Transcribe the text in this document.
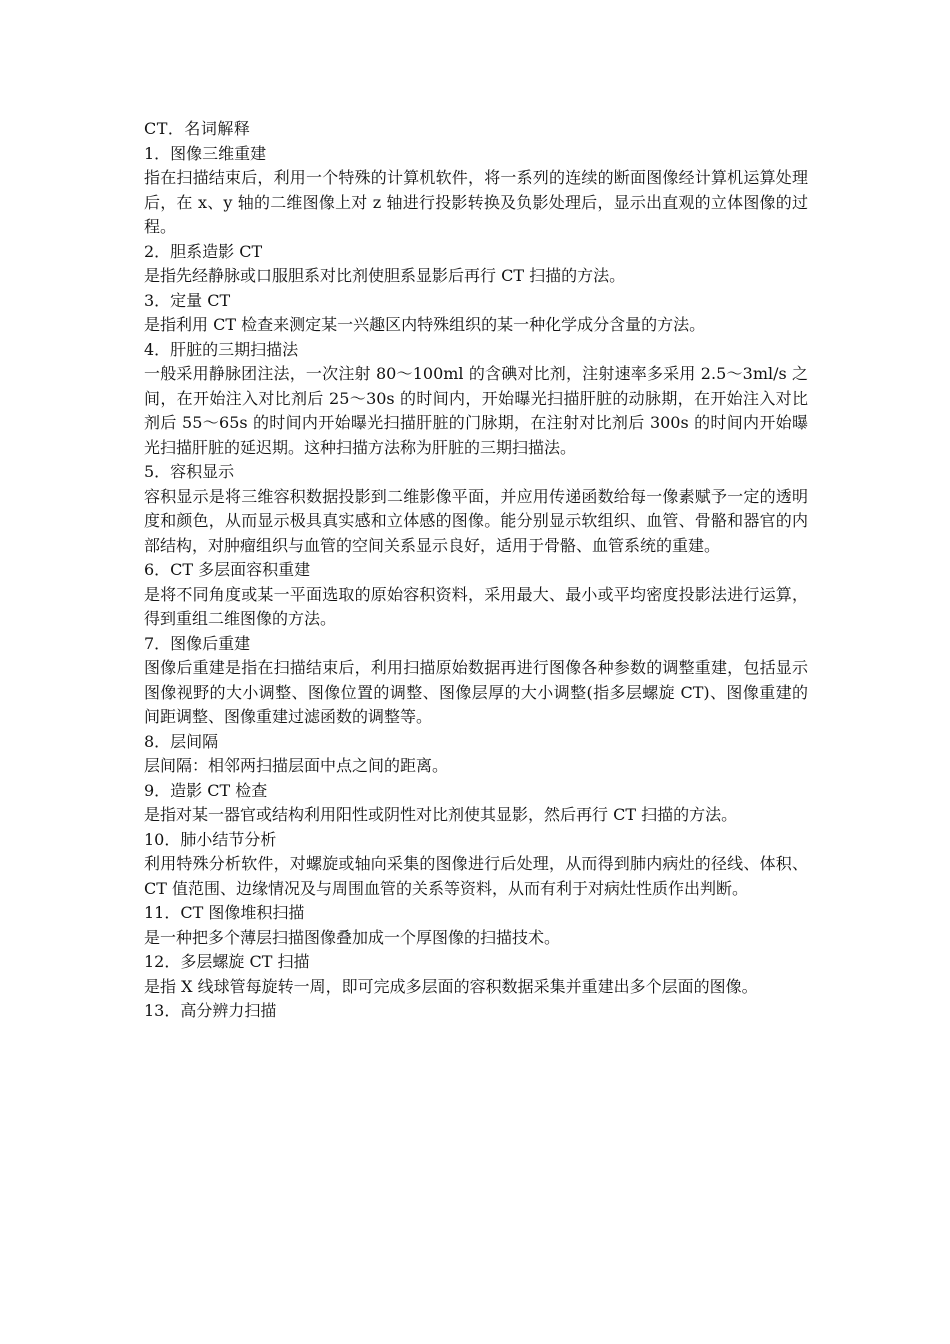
CT．名词解释

1．图像三维重建

指在扫描结束后，利用一个特殊的计算机软件，将一系列的连续的断面图像经计算机运算处理后，在 x、y 轴的二维图像上对 z 轴进行投影转换及负影处理后，显示出直观的立体图像的过程。

2．胆系造影 CT

是指先经静脉或口服胆系对比剂使胆系显影后再行 CT 扫描的方法。

3．定量 CT

是指利用 CT 检查来测定某一兴趣区内特殊组织的某一种化学成分含量的方法。

4．肝脏的三期扫描法

一般采用静脉团注法，一次注射 80～100ml 的含碘对比剂，注射速率多采用 2.5～3ml/s 之间，在开始注入对比剂后 25～30s 的时间内，开始曝光扫描肝脏的动脉期，在开始注入对比剂后 55～65s 的时间内开始曝光扫描肝脏的门脉期，在注射对比剂后 300s 的时间内开始曝光扫描肝脏的延迟期。这种扫描方法称为肝脏的三期扫描法。

5．容积显示

容积显示是将三维容积数据投影到二维影像平面，并应用传递函数给每一像素赋予一定的透明度和颜色，从而显示极具真实感和立体感的图像。能分别显示软组织、血管、骨骼和器官的内部结构，对肿瘤组织与血管的空间关系显示良好，适用于骨骼、血管系统的重建。

6．CT 多层面容积重建

是将不同角度或某一平面选取的原始容积资料，采用最大、最小或平均密度投影法进行运算，得到重组二维图像的方法。

7．图像后重建

图像后重建是指在扫描结束后，利用扫描原始数据再进行图像各种参数的调整重建，包括显示图像视野的大小调整、图像位置的调整、图像层厚的大小调整(指多层螺旋 CT)、图像重建的间距调整、图像重建过滤函数的调整等。

8．层间隔

层间隔：相邻两扫描层面中点之间的距离。

9．造影 CT 检查

是指对某一器官或结构利用阳性或阴性对比剂使其显影，然后再行 CT 扫描的方法。

10．肺小结节分析

利用特殊分析软件，对螺旋或轴向采集的图像进行后处理，从而得到肺内病灶的径线、体积、CT 值范围、边缘情况及与周围血管的关系等资料，从而有利于对病灶性质作出判断。

11．CT 图像堆积扫描

是一种把多个薄层扫描图像叠加成一个厚图像的扫描技术。

12．多层螺旋 CT 扫描

是指 X 线球管每旋转一周，即可完成多层面的容积数据采集并重建出多个层面的图像。

13．高分辨力扫描
